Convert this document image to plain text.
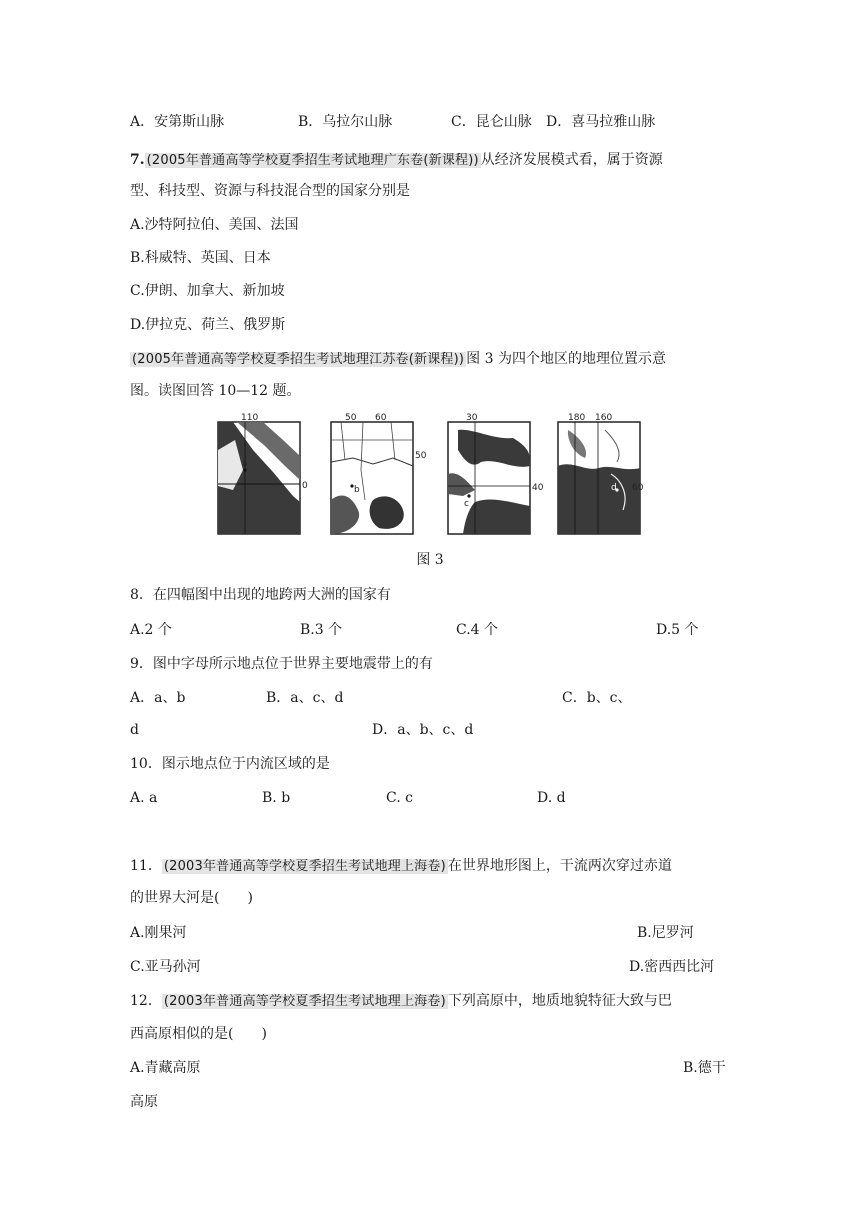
A．安第斯山脉	B．乌拉尔山脉	C．昆仑山脉 D．喜马拉雅山脉
7. (2005年普通高等学校夏季招生考试地理广东卷(新课程)) 从经济发展模式看，属于资源
型、科技型、资源与科技混合型的国家分别是
A.沙特阿拉伯、美国、法国
B.科威特、英国、日本
C.伊朗、加拿大、新加坡
D.伊拉克、荷兰、俄罗斯
(2005年普通高等学校夏季招生考试地理江苏卷(新课程)) 图 3 为四个地区的地理位置示意
图。读图回答 10—12 题。
110
0
a
50 60
50
b
30
40
c
180 160
60
d
图 3
8．在四幅图中出现的地跨两大洲的国家有
A.2 个	B.3 个	C.4 个	D.5 个
9．图中字母所示地点位于世界主要地震带上的有
A．a、b	B．a、c、d	C．b、c、
d	D．a、b、c、d
10．图示地点位于内流区域的是
A. a	B. b	C. c	D. d
11． (2003年普通高等学校夏季招生考试地理上海卷) 在世界地形图上，干流两次穿过赤道
的世界大河是(　　)
A.刚果河	B.尼罗河
C.亚马孙河	D.密西西比河
12． (2003年普通高等学校夏季招生考试地理上海卷) 下列高原中，地质地貌特征大致与巴
西高原相似的是(　　)
A.青藏高原	B.德干
高原
